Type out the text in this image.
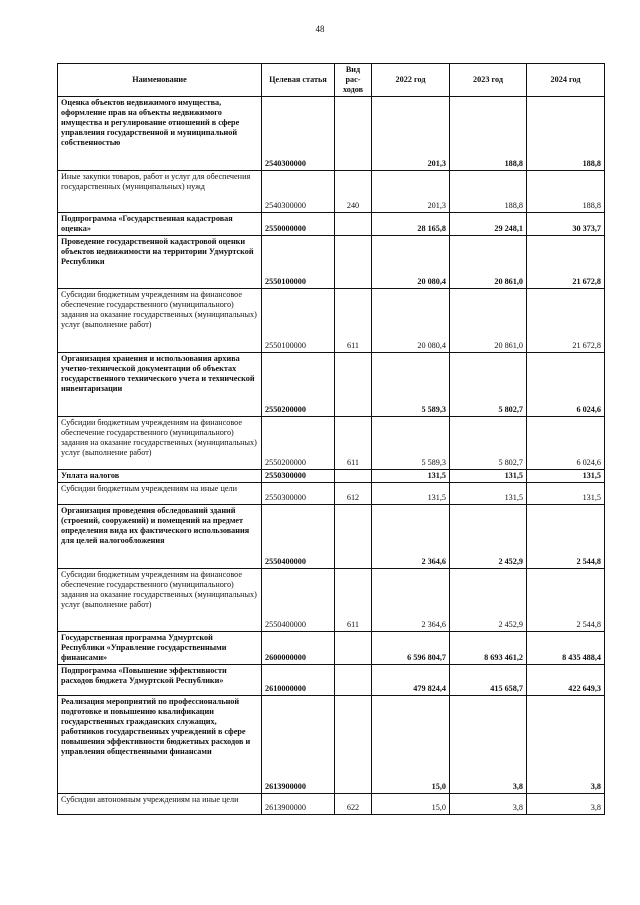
48
Наименование	Целевая статья	Вид рас-ходов	2022 год	2023 год	2024 год
Оценка объектов недвижимого имущества, оформление прав на объекты недвижимого имущества и регулирование отношений в сфере управления государственной и муниципальной собственностью	2540300000		201,3	188,8	188,8
Иные закупки товаров, работ и услуг для обеспечения государственных (муниципальных) нужд	2540300000	240	201,3	188,8	188,8
Подпрограмма «Государственная кадастровая оценка»	2550000000		28 165,8	29 248,1	30 373,7
Проведение государственной кадастровой оценки объектов недвижимости на территории Удмуртской Республики	2550100000		20 080,4	20 861,0	21 672,8
Субсидии бюджетным учреждениям на финансовое обеспечение государственного (муниципального) задания на оказание государственных (муниципальных) услуг (выполнение работ)	2550100000	611	20 080,4	20 861,0	21 672,8
Организация хранения и использования архива учетно-технической документации об объектах государственного технического учета и технической инвентаризации	2550200000		5 589,3	5 802,7	6 024,6
Субсидии бюджетным учреждениям на финансовое обеспечение государственного (муниципального) задания на оказание государственных (муниципальных) услуг (выполнение работ)	2550200000	611	5 589,3	5 802,7	6 024,6
Уплата налогов	2550300000		131,5	131,5	131,5
Субсидии бюджетным учреждениям на иные цели	2550300000	612	131,5	131,5	131,5
Организация проведения обследований зданий (строений, сооружений) и помещений на предмет определения вида их фактического использования для целей налогообложения	2550400000		2 364,6	2 452,9	2 544,8
Субсидии бюджетным учреждениям на финансовое обеспечение государственного (муниципального) задания на оказание государственных (муниципальных) услуг (выполнение работ)	2550400000	611	2 364,6	2 452,9	2 544,8
Государственная программа Удмуртской Республики «Управление государственными финансами»	2600000000		6 596 804,7	8 693 461,2	8 435 488,4
Подпрограмма «Повышение эффективности расходов бюджета Удмуртской Республики»	2610000000		479 824,4	415 658,7	422 649,3
Реализация мероприятий по профессиональной подготовке и повышению квалификации государственных гражданских служащих, работников государственных учреждений в сфере повышения эффективности бюджетных расходов и управления общественными финансами	2613900000		15,0	3,8	3,8
Субсидии автономным учреждениям на иные цели	2613900000	622	15,0	3,8	3,8
